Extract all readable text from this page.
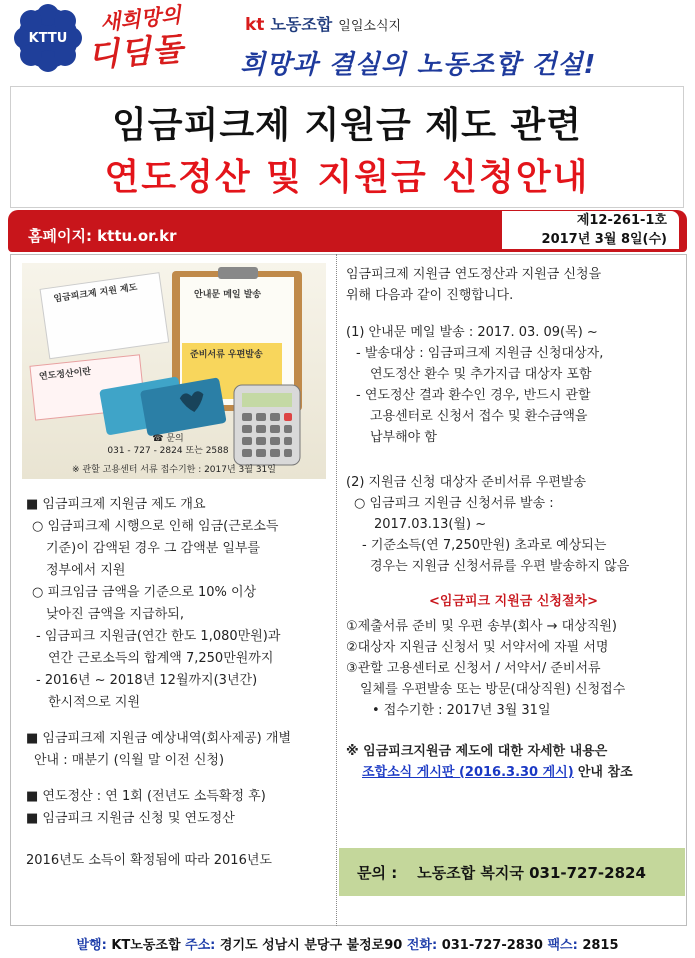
KTTU
새희망의
디딤돌
kt 노동조합 일일소식지
희망과 결실의 노동조합 건설!
임금피크제 지원금 제도 관련
연도정산 및 지원금 신청안내
홈페이지: kttu.or.kr
제12-261-1호
2017년 3월 8일(수)
임금피크제 지원 제도	안내문 메일 발송
준비서류 우편발송
연도정산이란
☎ 문의
031 - 727 - 2824 또는 2588
※ 관할 고용센터 서류 접수기한 : 2017년 3월 31일
■ 임금피크제 지원금 제도 개요
○ 임금피크제 시행으로 인해 임금(근로소득
기준)이 감액된 경우 그 감액분 일부를
정부에서 지원
○ 피크임금 금액을 기준으로 10% 이상
낮아진 금액을 지급하되,
- 임금피크 지원금(연간 한도 1,080만원)과
연간 근로소득의 합계액 7,250만원까지
- 2016년 ~ 2018년 12월까지(3년간)
한시적으로 지원
■ 임금피크제 지원금 예상내역(회사제공) 개별
안내 : 매분기 (익월 말 이전 신청)
■ 연도정산 : 연 1회 (전년도 소득확정 후)
■ 임금피크 지원금 신청 및 연도정산
2016년도 소득이 확정됨에 따라 2016년도
임금피크제 지원금 연도정산과 지원금 신청을
위해 다음과 같이 진행합니다.
(1) 안내문 메일 발송 : 2017. 03. 09(목) ~
- 발송대상 : 임금피크제 지원금 신청대상자,
연도정산 환수 및 추가지급 대상자 포함
- 연도정산 결과 환수인 경우, 반드시 관할
고용센터로 신청서 접수 및 환수금액을
납부해야 함
(2) 지원금 신청 대상자 준비서류 우편발송
○ 임금피크 지원금 신청서류 발송 :
2017.03.13(월) ~
- 기준소득(연 7,250만원) 초과로 예상되는
경우는 지원금 신청서류를 우편 발송하지 않음
<임금피크 지원금 신청절차>
①제출서류 준비 및 우편 송부(회사 → 대상직원)
②대상자 지원금 신청서 및 서약서에 자필 서명
③관할 고용센터로 신청서 / 서약서/ 준비서류
일체를 우편발송 또는 방문(대상직원) 신청접수
• 접수기한 : 2017년 3월 31일
※ 임금피크지원금 제도에 대한 자세한 내용은
조합소식 게시판 (2016.3.30 게시) 안내 참조
문의 : 노동조합 복지국 031-727-2824
발행: KT노동조합 주소: 경기도 성남시 분당구 불정로90 전화: 031-727-2830 팩스: 2815
